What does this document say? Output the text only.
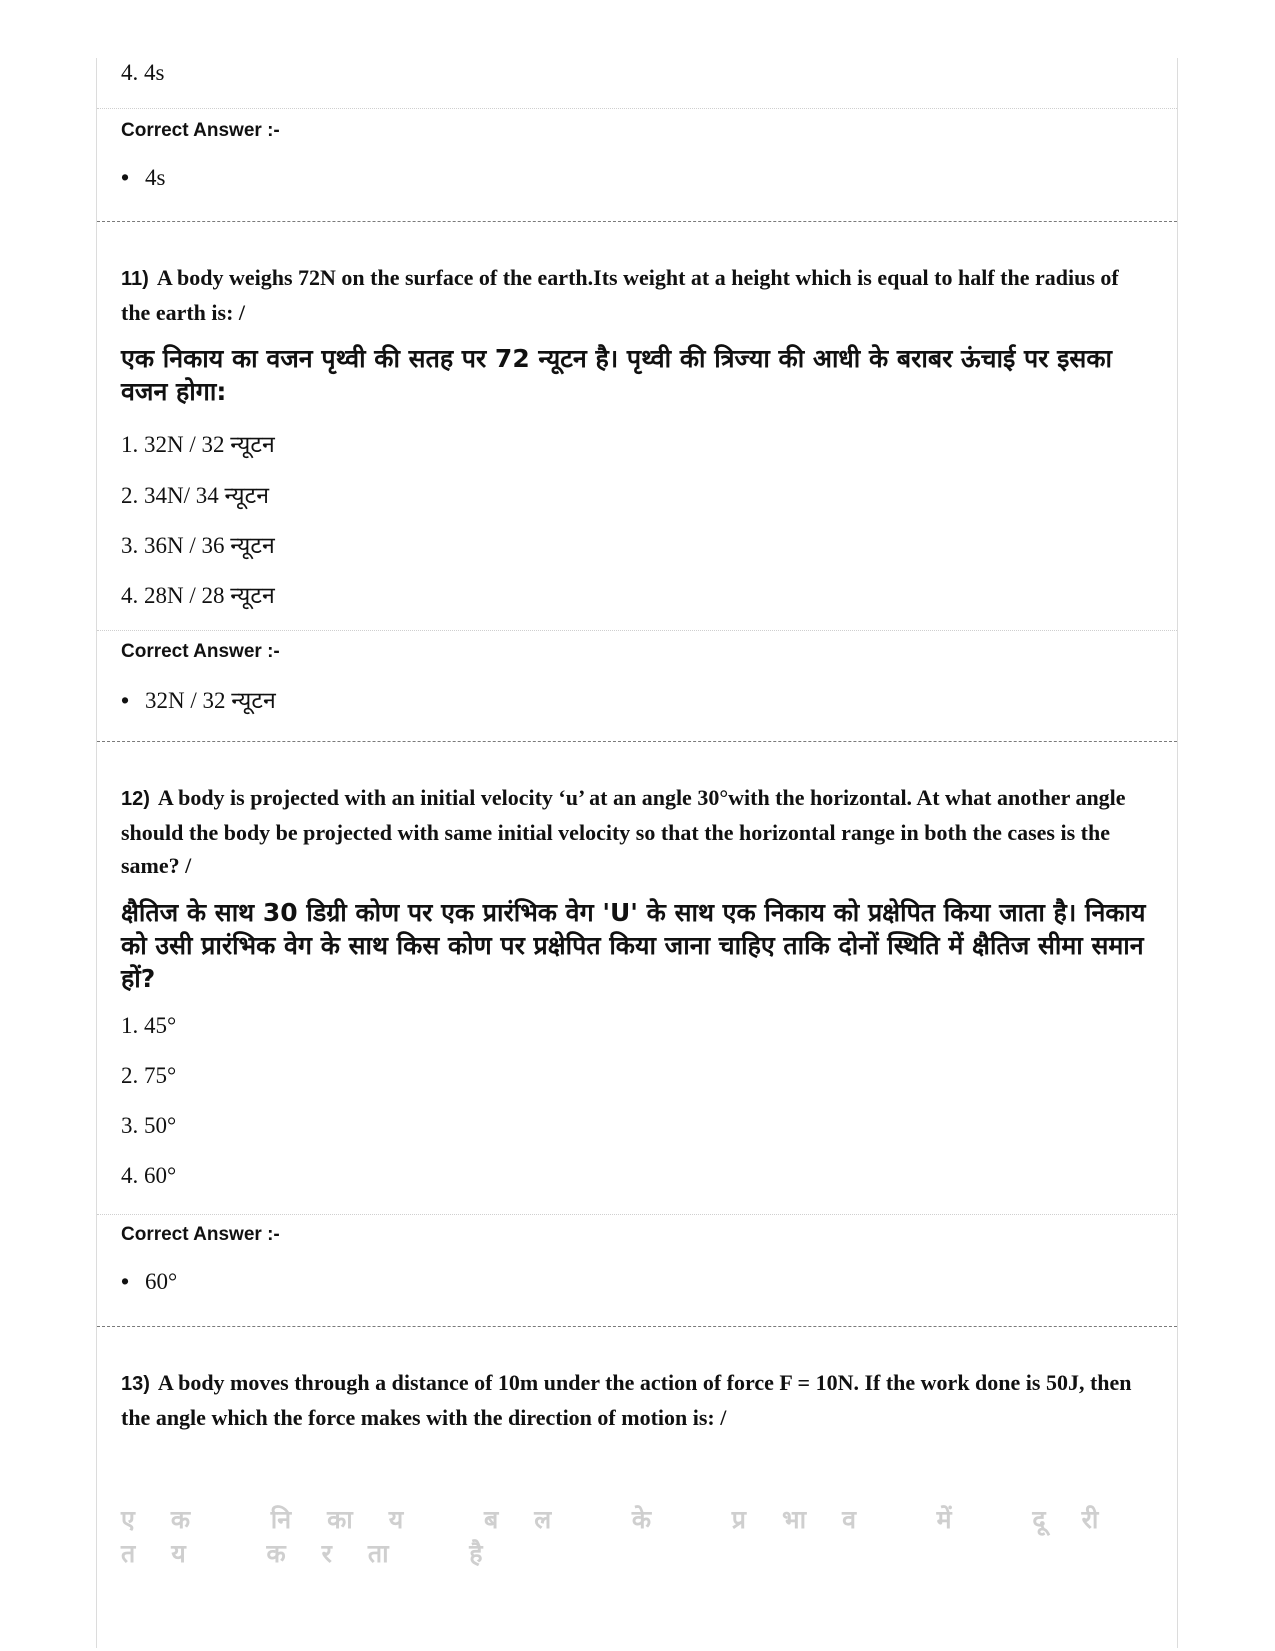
4. 4s
Correct Answer :-
• 4s
11) A body weighs 72N on the surface of the earth.Its weight at a height which is equal to half the radius of the earth is: /
एक निकाय का वजन पृथ्वी की सतह पर 72 न्यूटन है। पृथ्वी की त्रिज्या की आधी के बराबर ऊंचाई पर इसका वजन होगा:
1. 32N / 32 न्यूटन
2. 34N/ 34 न्यूटन
3. 36N / 36 न्यूटन
4. 28N / 28 न्यूटन
Correct Answer :-
• 32N / 32 न्यूटन
12) A body is projected with an initial velocity ‘u’ at an angle 30°with the horizontal. At what another angle should the body be projected with same initial velocity so that the horizontal range in both the cases is the same? /
क्षैतिज के साथ 30 डिग्री कोण पर एक प्रारंभिक वेग 'U' के साथ एक निकाय को प्रक्षेपित किया जाता है। निकाय को उसी प्रारंभिक वेग के साथ किस कोण पर प्रक्षेपित किया जाना चाहिए ताकि दोनों स्थिति में क्षैतिज सीमा समान हों?
1. 45°
2. 75°
3. 50°
4. 60°
Correct Answer :-
• 60°
13) A body moves through a distance of 10m under the action of force F = 10N. If the work done is 50J, then the angle which the force makes with the direction of motion is: /
एक निकाय बल के प्रभाव में दूरी तय करता है
